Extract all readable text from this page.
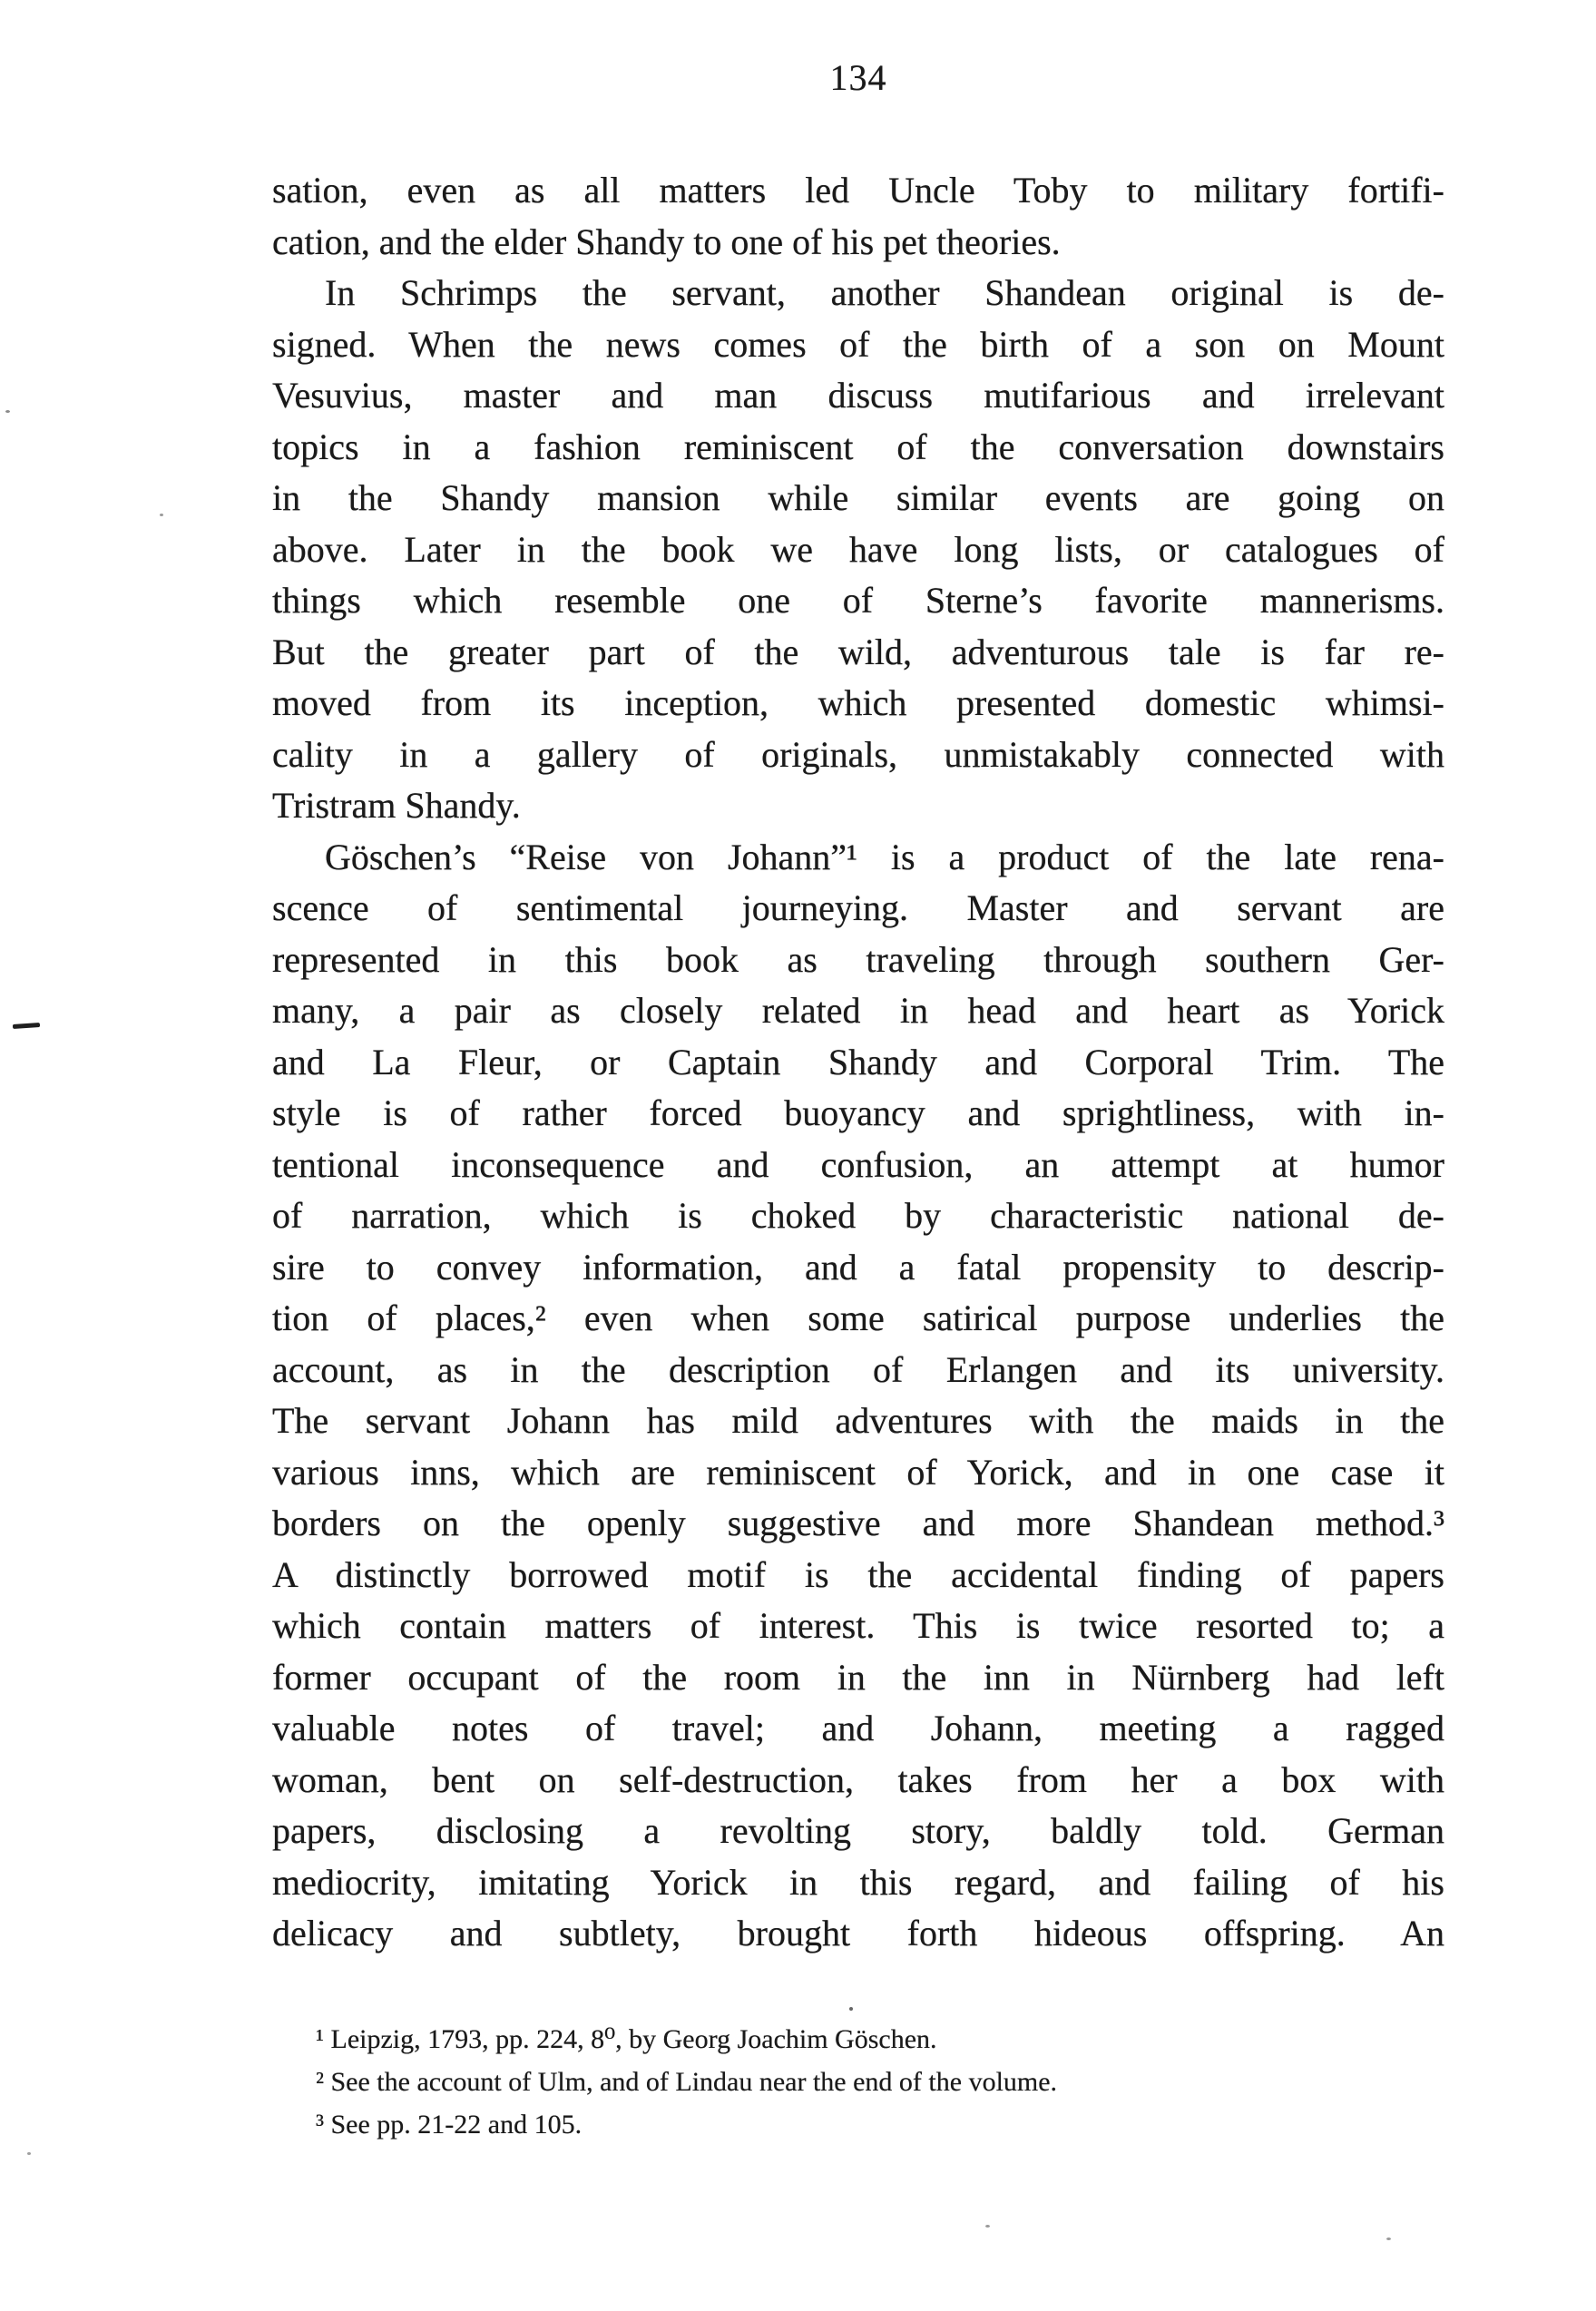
134
sation, even as all matters led Uncle Toby to military fortifi-
cation, and the elder Shandy to one of his pet theories.
In Schrimps the servant, another Shandean original is de-
signed. When the news comes of the birth of a son on Mount
Vesuvius, master and man discuss mutifarious and irrelevant
topics in a fashion reminiscent of the conversation downstairs
in the Shandy mansion while similar events are going on
above. Later in the book we have long lists, or catalogues of
things which resemble one of Sterne’s favorite mannerisms.
But the greater part of the wild, adventurous tale is far re-
moved from its inception, which presented domestic whimsi-
cality in a gallery of originals, unmistakably connected with
Tristram Shandy.
Göschen’s “Reise von Johann”¹ is a product of the late rena-
scence of sentimental journeying. Master and servant are
represented in this book as traveling through southern Ger-
many, a pair as closely related in head and heart as Yorick
and La Fleur, or Captain Shandy and Corporal Trim. The
style is of rather forced buoyancy and sprightliness, with in-
tentional inconsequence and confusion, an attempt at humor
of narration, which is choked by characteristic national de-
sire to convey information, and a fatal propensity to descrip-
tion of places,² even when some satirical purpose underlies the
account, as in the description of Erlangen and its university.
The servant Johann has mild adventures with the maids in the
various inns, which are reminiscent of Yorick, and in one case it
borders on the openly suggestive and more Shandean method.³
A distinctly borrowed motif is the accidental finding of papers
which contain matters of interest. This is twice resorted to; a
former occupant of the room in the inn in Nürnberg had left
valuable notes of travel; and Johann, meeting a ragged
woman, bent on self-destruction, takes from her a box with
papers, disclosing a revolting story, baldly told. German
mediocrity, imitating Yorick in this regard, and failing of his
delicacy and subtlety, brought forth hideous offspring. An
¹ Leipzig, 1793, pp. 224, 8⁰, by Georg Joachim Göschen.
² See the account of Ulm, and of Lindau near the end of the volume.
³ See pp. 21-22 and 105.
